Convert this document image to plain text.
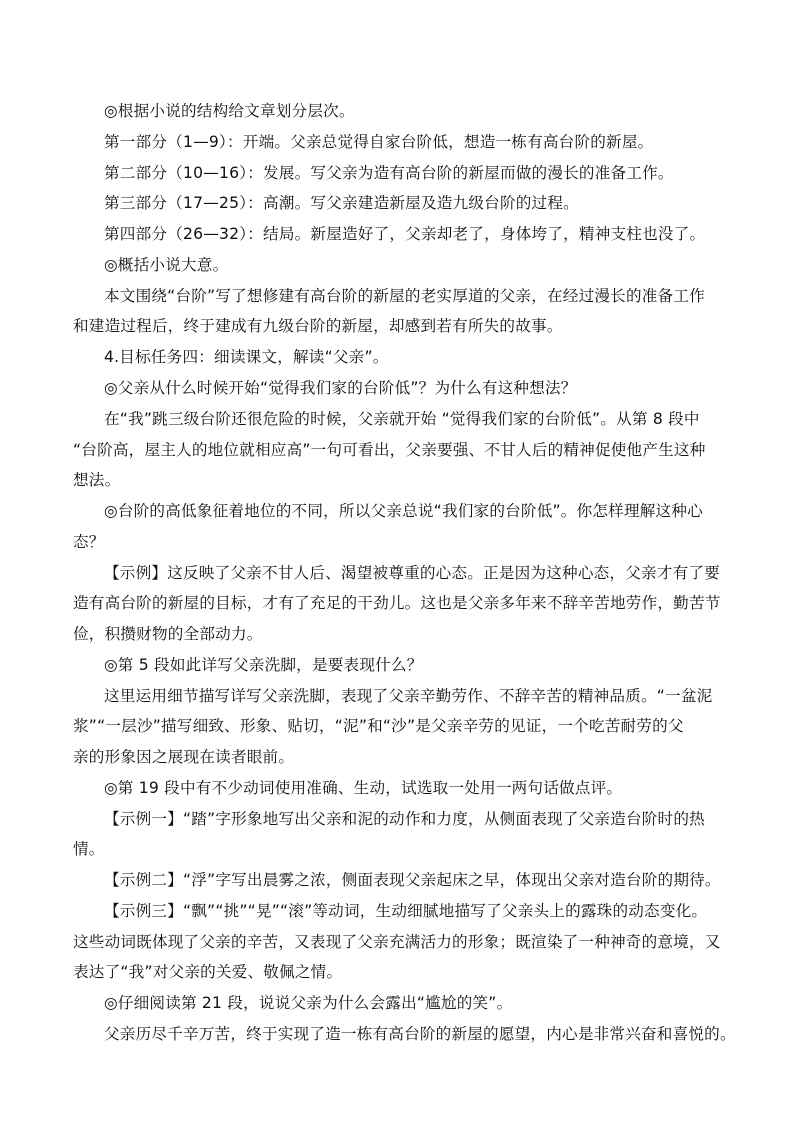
◎根据小说的结构给文章划分层次。
第一部分（1—9）：开端。父亲总觉得自家台阶低，想造一栋有高台阶的新屋。
第二部分（10—16）：发展。写父亲为造有高台阶的新屋而做的漫长的准备工作。
第三部分（17—25）：高潮。写父亲建造新屋及造九级台阶的过程。
第四部分（26—32）：结局。新屋造好了，父亲却老了，身体垮了，精神支柱也没了。
◎概括小说大意。
本文围绕“台阶”写了想修建有高台阶的新屋的老实厚道的父亲，在经过漫长的准备工作
和建造过程后，终于建成有九级台阶的新屋，却感到若有所失的故事。
4.目标任务四：细读课文，解读“父亲”。
◎父亲从什么时候开始“觉得我们家的台阶低”？为什么有这种想法？
在“我”跳三级台阶还很危险的时候，父亲就开始 “觉得我们家的台阶低”。从第 8 段中
“台阶高，屋主人的地位就相应高”一句可看出，父亲要强、不甘人后的精神促使他产生这种
想法。
◎台阶的高低象征着地位的不同，所以父亲总说“我们家的台阶低”。你怎样理解这种心
态？
【示例】这反映了父亲不甘人后、渴望被尊重的心态。正是因为这种心态，父亲才有了要
造有高台阶的新屋的目标，才有了充足的干劲儿。这也是父亲多年来不辞辛苦地劳作，勤苦节
俭，积攒财物的全部动力。
◎第 5 段如此详写父亲洗脚，是要表现什么？
这里运用细节描写详写父亲洗脚，表现了父亲辛勤劳作、不辞辛苦的精神品质。“一盆泥
浆”“一层沙”描写细致、形象、贴切，“泥”和“沙”是父亲辛劳的见证，一个吃苦耐劳的父
亲的形象因之展现在读者眼前。
◎第 19 段中有不少动词使用准确、生动，试选取一处用一两句话做点评。
【示例一】“踏”字形象地写出父亲和泥的动作和力度，从侧面表现了父亲造台阶时的热
情。
【示例二】“浮”字写出晨雾之浓，侧面表现父亲起床之早，体现出父亲对造台阶的期待。
【示例三】“飘”“挑”“晃”“滚”等动词，生动细腻地描写了父亲头上的露珠的动态变化。
这些动词既体现了父亲的辛苦，又表现了父亲充满活力的形象；既渲染了一种神奇的意境，又
表达了“我”对父亲的关爱、敬佩之情。
◎仔细阅读第 21 段，说说父亲为什么会露出“尴尬的笑”。
父亲历尽千辛万苦，终于实现了造一栋有高台阶的新屋的愿望，内心是非常兴奋和喜悦的。
